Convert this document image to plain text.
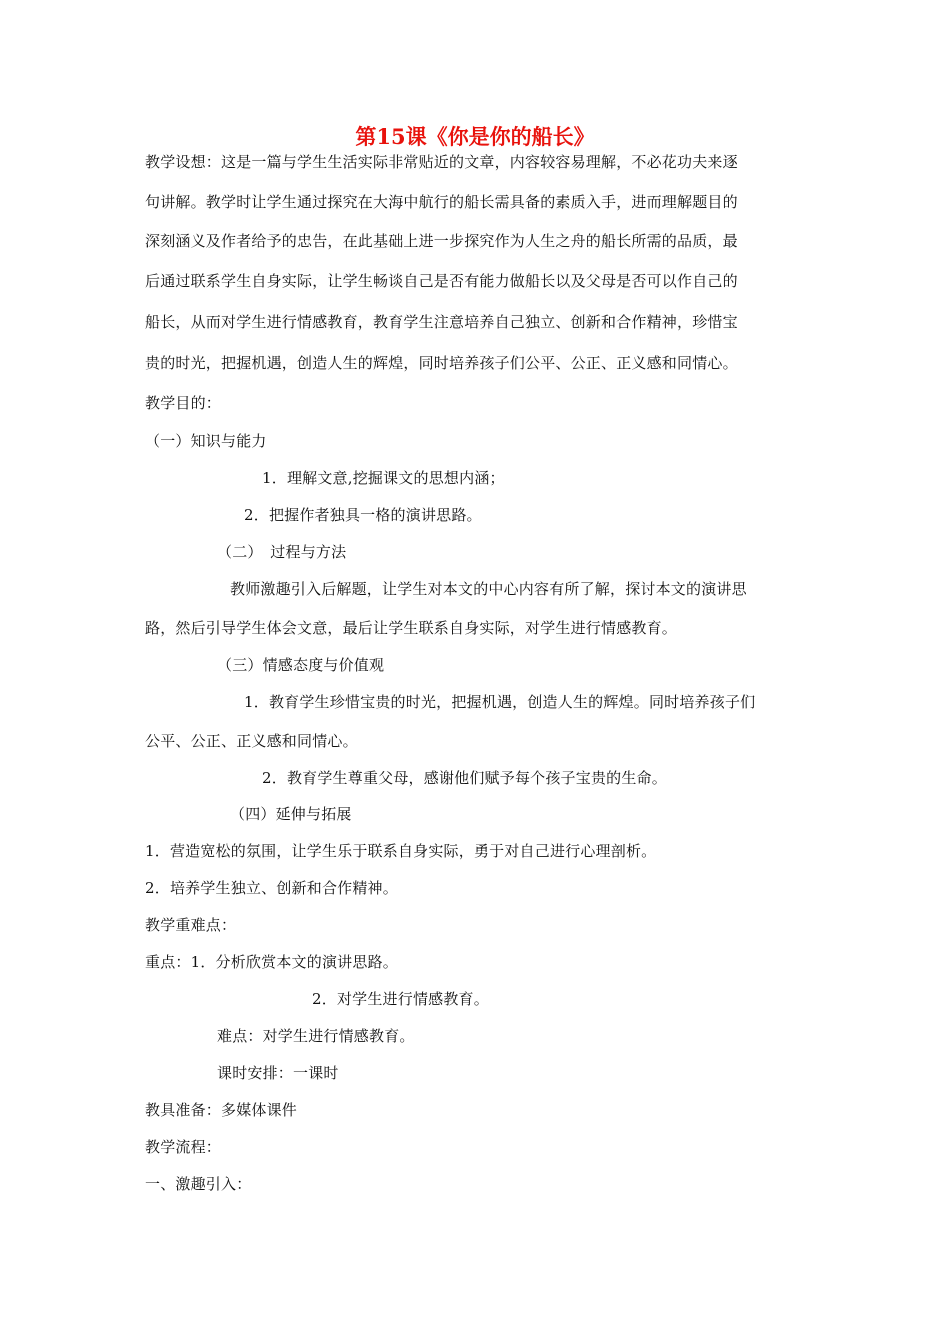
第15课《你是你的船长》
教学设想：这是一篇与学生生活实际非常贴近的文章，内容较容易理解，不必花功夫来逐
句讲解。教学时让学生通过探究在大海中航行的船长需具备的素质入手，进而理解题目的
深刻涵义及作者给予的忠告，在此基础上进一步探究作为人生之舟的船长所需的品质，最
后通过联系学生自身实际，让学生畅谈自己是否有能力做船长以及父母是否可以作自己的
船长，从而对学生进行情感教育，教育学生注意培养自己独立、创新和合作精神，珍惜宝
贵的时光，把握机遇，创造人生的辉煌，同时培养孩子们公平、公正、正义感和同情心。
教学目的：
（一）知识与能力
1．理解文意,挖掘课文的思想内涵；
2．把握作者独具一格的演讲思路。
（二）　过程与方法
教师激趣引入后解题，让学生对本文的中心内容有所了解，探讨本文的演讲思
路，然后引导学生体会文意，最后让学生联系自身实际，对学生进行情感教育。
（三）情感态度与价值观
1．教育学生珍惜宝贵的时光，把握机遇，创造人生的辉煌。同时培养孩子们
公平、公正、正义感和同情心。
2．教育学生尊重父母，感谢他们赋予每个孩子宝贵的生命。
（四）延伸与拓展
1．营造宽松的氛围，让学生乐于联系自身实际，勇于对自己进行心理剖析。
2．培养学生独立、创新和合作精神。
教学重难点：
重点：1．分析欣赏本文的演讲思路。
2．对学生进行情感教育。
难点：对学生进行情感教育。
课时安排：一课时
教具准备：多媒体课件
教学流程：
一、激趣引入：
